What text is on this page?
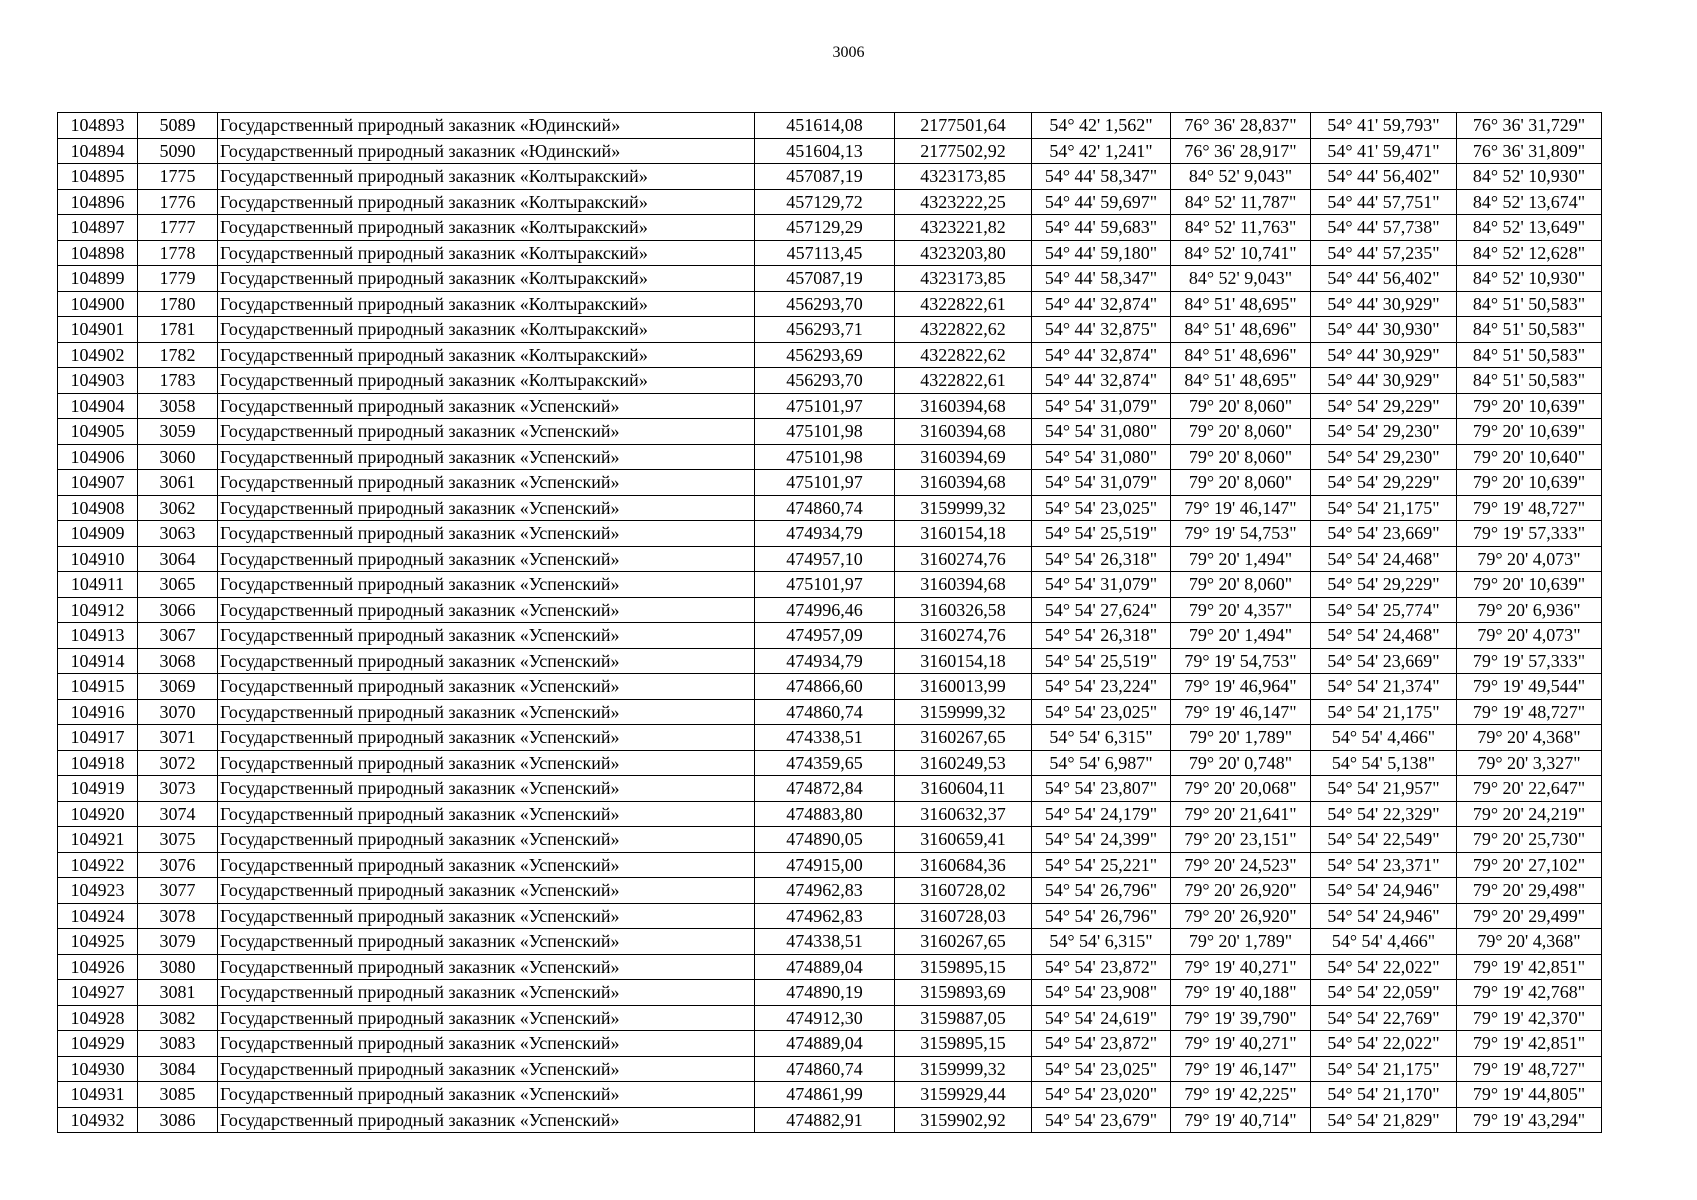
3006
104893	5089	Государственный природный заказник «Юдинский»	451614,08	2177501,64	54° 42' 1,562"	76° 36' 28,837"	54° 41' 59,793"	76° 36' 31,729"
104894	5090	Государственный природный заказник «Юдинский»	451604,13	2177502,92	54° 42' 1,241"	76° 36' 28,917"	54° 41' 59,471"	76° 36' 31,809"
104895	1775	Государственный природный заказник «Колтыракский»	457087,19	4323173,85	54° 44' 58,347"	84° 52' 9,043"	54° 44' 56,402"	84° 52' 10,930"
104896	1776	Государственный природный заказник «Колтыракский»	457129,72	4323222,25	54° 44' 59,697"	84° 52' 11,787"	54° 44' 57,751"	84° 52' 13,674"
104897	1777	Государственный природный заказник «Колтыракский»	457129,29	4323221,82	54° 44' 59,683"	84° 52' 11,763"	54° 44' 57,738"	84° 52' 13,649"
104898	1778	Государственный природный заказник «Колтыракский»	457113,45	4323203,80	54° 44' 59,180"	84° 52' 10,741"	54° 44' 57,235"	84° 52' 12,628"
104899	1779	Государственный природный заказник «Колтыракский»	457087,19	4323173,85	54° 44' 58,347"	84° 52' 9,043"	54° 44' 56,402"	84° 52' 10,930"
104900	1780	Государственный природный заказник «Колтыракский»	456293,70	4322822,61	54° 44' 32,874"	84° 51' 48,695"	54° 44' 30,929"	84° 51' 50,583"
104901	1781	Государственный природный заказник «Колтыракский»	456293,71	4322822,62	54° 44' 32,875"	84° 51' 48,696"	54° 44' 30,930"	84° 51' 50,583"
104902	1782	Государственный природный заказник «Колтыракский»	456293,69	4322822,62	54° 44' 32,874"	84° 51' 48,696"	54° 44' 30,929"	84° 51' 50,583"
104903	1783	Государственный природный заказник «Колтыракский»	456293,70	4322822,61	54° 44' 32,874"	84° 51' 48,695"	54° 44' 30,929"	84° 51' 50,583"
104904	3058	Государственный природный заказник «Успенский»	475101,97	3160394,68	54° 54' 31,079"	79° 20' 8,060"	54° 54' 29,229"	79° 20' 10,639"
104905	3059	Государственный природный заказник «Успенский»	475101,98	3160394,68	54° 54' 31,080"	79° 20' 8,060"	54° 54' 29,230"	79° 20' 10,639"
104906	3060	Государственный природный заказник «Успенский»	475101,98	3160394,69	54° 54' 31,080"	79° 20' 8,060"	54° 54' 29,230"	79° 20' 10,640"
104907	3061	Государственный природный заказник «Успенский»	475101,97	3160394,68	54° 54' 31,079"	79° 20' 8,060"	54° 54' 29,229"	79° 20' 10,639"
104908	3062	Государственный природный заказник «Успенский»	474860,74	3159999,32	54° 54' 23,025"	79° 19' 46,147"	54° 54' 21,175"	79° 19' 48,727"
104909	3063	Государственный природный заказник «Успенский»	474934,79	3160154,18	54° 54' 25,519"	79° 19' 54,753"	54° 54' 23,669"	79° 19' 57,333"
104910	3064	Государственный природный заказник «Успенский»	474957,10	3160274,76	54° 54' 26,318"	79° 20' 1,494"	54° 54' 24,468"	79° 20' 4,073"
104911	3065	Государственный природный заказник «Успенский»	475101,97	3160394,68	54° 54' 31,079"	79° 20' 8,060"	54° 54' 29,229"	79° 20' 10,639"
104912	3066	Государственный природный заказник «Успенский»	474996,46	3160326,58	54° 54' 27,624"	79° 20' 4,357"	54° 54' 25,774"	79° 20' 6,936"
104913	3067	Государственный природный заказник «Успенский»	474957,09	3160274,76	54° 54' 26,318"	79° 20' 1,494"	54° 54' 24,468"	79° 20' 4,073"
104914	3068	Государственный природный заказник «Успенский»	474934,79	3160154,18	54° 54' 25,519"	79° 19' 54,753"	54° 54' 23,669"	79° 19' 57,333"
104915	3069	Государственный природный заказник «Успенский»	474866,60	3160013,99	54° 54' 23,224"	79° 19' 46,964"	54° 54' 21,374"	79° 19' 49,544"
104916	3070	Государственный природный заказник «Успенский»	474860,74	3159999,32	54° 54' 23,025"	79° 19' 46,147"	54° 54' 21,175"	79° 19' 48,727"
104917	3071	Государственный природный заказник «Успенский»	474338,51	3160267,65	54° 54' 6,315"	79° 20' 1,789"	54° 54' 4,466"	79° 20' 4,368"
104918	3072	Государственный природный заказник «Успенский»	474359,65	3160249,53	54° 54' 6,987"	79° 20' 0,748"	54° 54' 5,138"	79° 20' 3,327"
104919	3073	Государственный природный заказник «Успенский»	474872,84	3160604,11	54° 54' 23,807"	79° 20' 20,068"	54° 54' 21,957"	79° 20' 22,647"
104920	3074	Государственный природный заказник «Успенский»	474883,80	3160632,37	54° 54' 24,179"	79° 20' 21,641"	54° 54' 22,329"	79° 20' 24,219"
104921	3075	Государственный природный заказник «Успенский»	474890,05	3160659,41	54° 54' 24,399"	79° 20' 23,151"	54° 54' 22,549"	79° 20' 25,730"
104922	3076	Государственный природный заказник «Успенский»	474915,00	3160684,36	54° 54' 25,221"	79° 20' 24,523"	54° 54' 23,371"	79° 20' 27,102"
104923	3077	Государственный природный заказник «Успенский»	474962,83	3160728,02	54° 54' 26,796"	79° 20' 26,920"	54° 54' 24,946"	79° 20' 29,498"
104924	3078	Государственный природный заказник «Успенский»	474962,83	3160728,03	54° 54' 26,796"	79° 20' 26,920"	54° 54' 24,946"	79° 20' 29,499"
104925	3079	Государственный природный заказник «Успенский»	474338,51	3160267,65	54° 54' 6,315"	79° 20' 1,789"	54° 54' 4,466"	79° 20' 4,368"
104926	3080	Государственный природный заказник «Успенский»	474889,04	3159895,15	54° 54' 23,872"	79° 19' 40,271"	54° 54' 22,022"	79° 19' 42,851"
104927	3081	Государственный природный заказник «Успенский»	474890,19	3159893,69	54° 54' 23,908"	79° 19' 40,188"	54° 54' 22,059"	79° 19' 42,768"
104928	3082	Государственный природный заказник «Успенский»	474912,30	3159887,05	54° 54' 24,619"	79° 19' 39,790"	54° 54' 22,769"	79° 19' 42,370"
104929	3083	Государственный природный заказник «Успенский»	474889,04	3159895,15	54° 54' 23,872"	79° 19' 40,271"	54° 54' 22,022"	79° 19' 42,851"
104930	3084	Государственный природный заказник «Успенский»	474860,74	3159999,32	54° 54' 23,025"	79° 19' 46,147"	54° 54' 21,175"	79° 19' 48,727"
104931	3085	Государственный природный заказник «Успенский»	474861,99	3159929,44	54° 54' 23,020"	79° 19' 42,225"	54° 54' 21,170"	79° 19' 44,805"
104932	3086	Государственный природный заказник «Успенский»	474882,91	3159902,92	54° 54' 23,679"	79° 19' 40,714"	54° 54' 21,829"	79° 19' 43,294"
